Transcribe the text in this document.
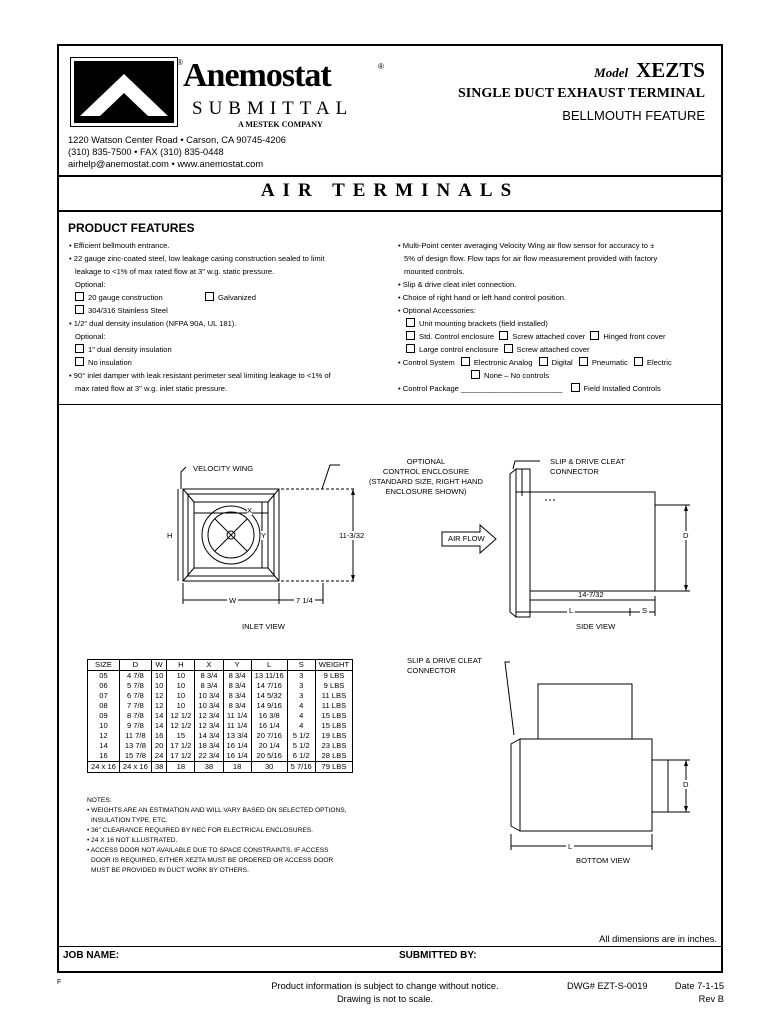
® Anemostat	®
SUBMITTAL
A MESTEK COMPANY
1220 Watson Center Road • Carson, CA 90745-4206
(310) 835-7500 • FAX (310) 835-0448
airhelp@anemostat.com • www.anemostat.com
Model XEZTS
SINGLE DUCT EXHAUST TERMINAL
BELLMOUTH FEATURE
AIR TERMINALS
PRODUCT FEATURES
• Efficient bellmouth entrance.
• 22 gauge zinc-coated steel, low leakage casing construction sealed to limit
leakage to <1% of max rated flow at 3" w.g. static pressure.
Optional:
20 gauge construction	Galvanized
304/316 Stainless Steel
• 1/2" dual density insulation (NFPA 90A, UL 181).
Optional:
1" dual density insulation
No insulation
• 90° inlet damper with leak resistant perimeter seal limiting leakage to <1% of
max rated flow at 3" w.g. inlet static pressure.
• Multi-Point center averaging Velocity Wing air flow sensor for accuracy to ±
5% of design flow. Flow taps for air flow measurement provided with factory
mounted controls.
• Slip & drive cleat inlet connection.
• Choice of right hand or left hand control position.
• Optional Accessories:
Unit mounting brackets (field installed)
Std. Control enclosure Screw attached cover Hinged front cover
Large control enclosure Screw attached cover
• Control System	Electronic Analog	Digital	Pneumatic	Electric
None – No controls
• Control Package ________________________	Field Installed Controls
VELOCITY WING
OPTIONAL
CONTROL ENCLOSURE
(STANDARD SIZE, RIGHT HAND
ENCLOSURE SHOWN)
SLIP & DRIVE CLEAT
CONNECTOR
X
H	Y	11-3/32
W	7 1/4
AIR FLOW	D
14-7/32
L	S
INLET VIEW	SIDE VIEW
SLIP & DRIVE CLEAT
CONNECTOR
D
L
BOTTOM VIEW
SIZE	D	W	H	X	Y	L	S	WEIGHT
05	4 7/8	10	10	8 3/4	8 3/4	13 11/16	3	9 LBS
06	5 7/8	10	10	8 3/4	8 3/4	14 7/16	3	9 LBS
07	6 7/8	12	10	10 3/4	8 3/4	14 5/32	3	11 LBS
08	7 7/8	12	10	10 3/4	8 3/4	14 9/16	4	11 LBS
09	8 7/8	14	12 1/2	12 3/4	11 1/4	16 3/8	4	15 LBS
10	9 7/8	14	12 1/2	12 3/4	11 1/4	16 1/4	4	15 LBS
12	11 7/8	16	15	14 3/4	13 3/4	20 7/16	5 1/2	19 LBS
14	13 7/8	20	17 1/2	18 3/4	16 1/4	20 1/4	5 1/2	23 LBS
16	15 7/8	24	17 1/2	22 3/4	16 1/4	20 5/16	6 1/2	28 LBS
24 x 16	24 x 16	38	18	38	18	30	5 7/16	79 LBS
NOTES:
• WEIGHTS ARE AN ESTIMATION AND WILL VARY BASED ON SELECTED OPTIONS,
INSULATION TYPE, ETC.
• 36" CLEARANCE REQUIRED BY NEC FOR ELECTRICAL ENCLOSURES.
• 24 X 16 NOT ILLUSTRATED.
• ACCESS DOOR NOT AVAILABLE DUE TO SPACE CONSTRAINTS. IF ACCESS
DOOR IS REQUIRED, EITHER XEZTA MUST BE ORDERED OR ACCESS DOOR
MUST BE PROVIDED IN DUCT WORK BY OTHERS.
All dimensions are in inches.
JOB NAME:	SUBMITTED BY:
F	Product information is subject to change without notice.
Drawing is not to scale.
DWG# EZT-S-0019	Date 7-1-15
Rev B
